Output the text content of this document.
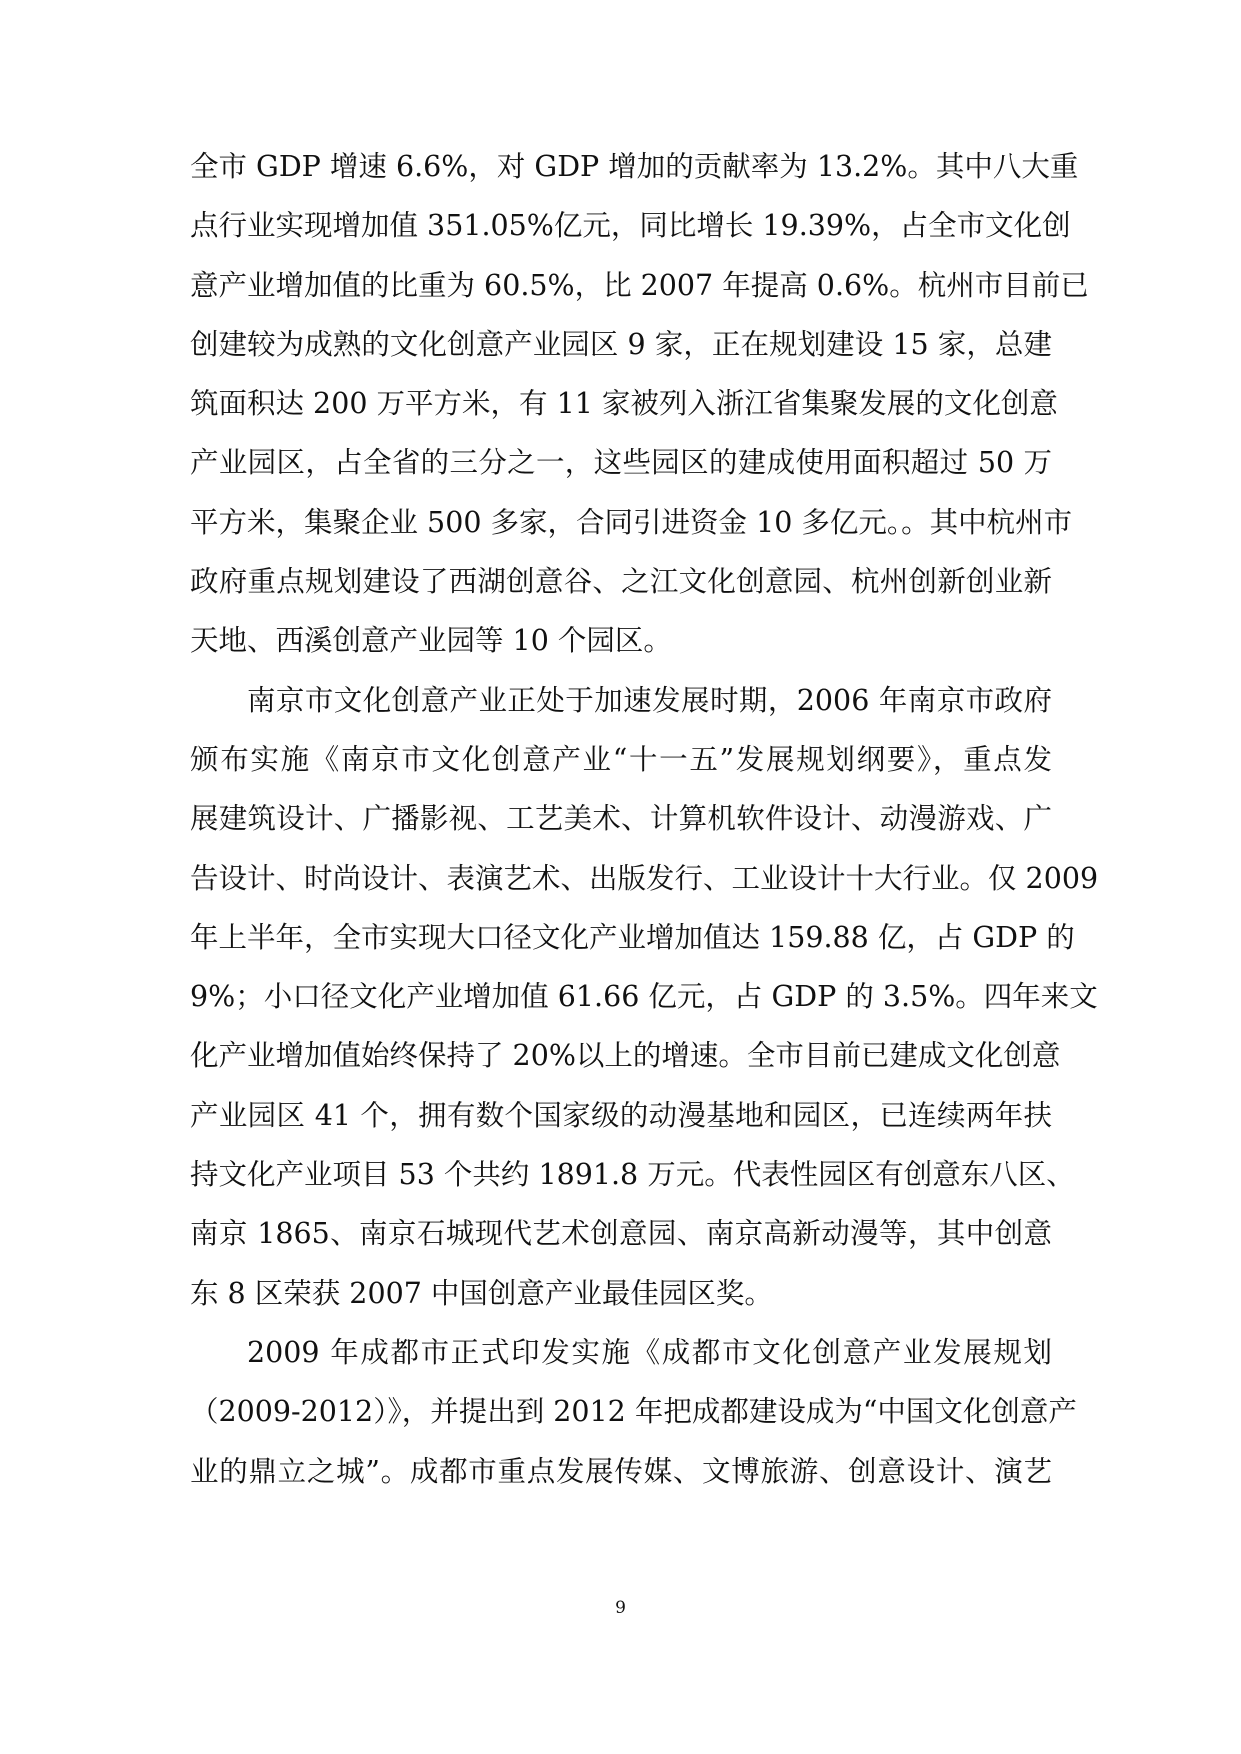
全市 GDP 增速 6.6%，对 GDP 增加的贡献率为 13.2%。其中八大重
点行业实现增加值 351.05%亿元，同比增长 19.39%，占全市文化创
意产业增加值的比重为 60.5%，比 2007 年提高 0.6%。杭州市目前已
创建较为成熟的文化创意产业园区 9 家，正在规划建设 15 家，总建
筑面积达 200 万平方米，有 11 家被列入浙江省集聚发展的文化创意
产业园区，占全省的三分之一，这些园区的建成使用面积超过 50 万
平方米，集聚企业 500 多家，合同引进资金 10 多亿元。。其中杭州市
政府重点规划建设了西湖创意谷、之江文化创意园、杭州创新创业新
天地、西溪创意产业园等 10 个园区。
南京市文化创意产业正处于加速发展时期，2006 年南京市政府
颁布实施《南京市文化创意产业“十一五”发展规划纲要》，重点发
展建筑设计、广播影视、工艺美术、计算机软件设计、动漫游戏、广
告设计、时尚设计、表演艺术、出版发行、工业设计十大行业。仅 2009
年上半年，全市实现大口径文化产业增加值达 159.88 亿，占 GDP 的
9%；小口径文化产业增加值 61.66 亿元，占 GDP 的 3.5%。四年来文
化产业增加值始终保持了 20%以上的增速。全市目前已建成文化创意
产业园区 41 个，拥有数个国家级的动漫基地和园区，已连续两年扶
持文化产业项目 53 个共约 1891.8 万元。代表性园区有创意东八区、
南京 1865、南京石城现代艺术创意园、南京高新动漫等，其中创意
东 8 区荣获 2007 中国创意产业最佳园区奖。
2009 年成都市正式印发实施《成都市文化创意产业发展规划
（2009-2012）》，并提出到 2012 年把成都建设成为“中国文化创意产
业的鼎立之城”。成都市重点发展传媒、文博旅游、创意设计、演艺
9
